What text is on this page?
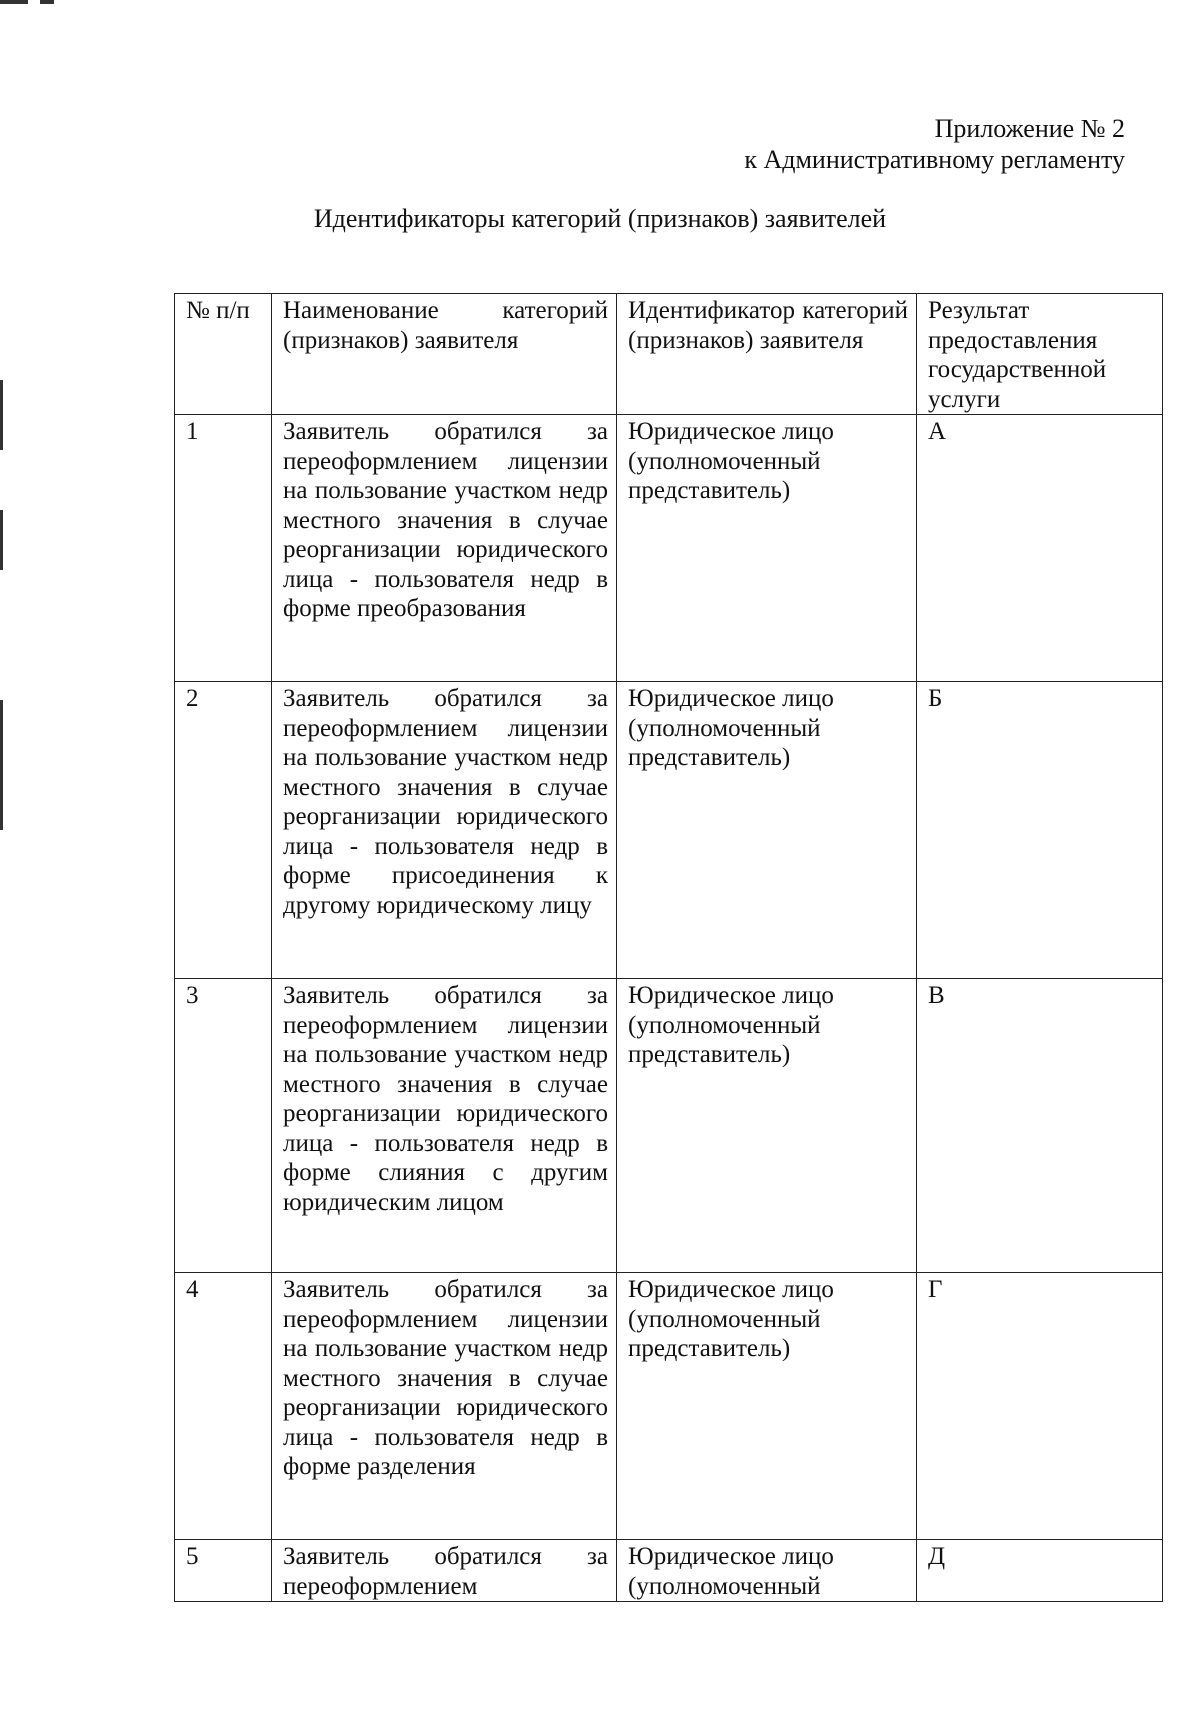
Приложение № 2
к Административному регламенту
Идентификаторы категорий (признаков) заявителей
№ п/п	Наименование категорий (признаков) заявителя	Идентификатор категорий (признаков) заявителя	Результат предоставления государственной услуги
1	Заявитель обратился за переоформлением лицензии на пользование участком недр местного значения в случае реорганизации юридического лица - пользователя недр в форме преобразования	Юридическое лицо (уполномоченный представитель)	А
2	Заявитель обратился за переоформлением лицензии на пользование участком недр местного значения в случае реорганизации юридического лица - пользователя недр в форме присоединения к другому юридическому лицу	Юридическое лицо (уполномоченный представитель)	Б
3	Заявитель обратился за переоформлением лицензии на пользование участком недр местного значения в случае реорганизации юридического лица - пользователя недр в форме слияния с другим юридическим лицом	Юридическое лицо (уполномоченный представитель)	В
4	Заявитель обратился за переоформлением лицензии на пользование участком недр местного значения в случае реорганизации юридического лица - пользователя недр в форме разделения	Юридическое лицо (уполномоченный представитель)	Г
5	Заявитель обратился за переоформлением	Юридическое лицо (уполномоченный	Д
